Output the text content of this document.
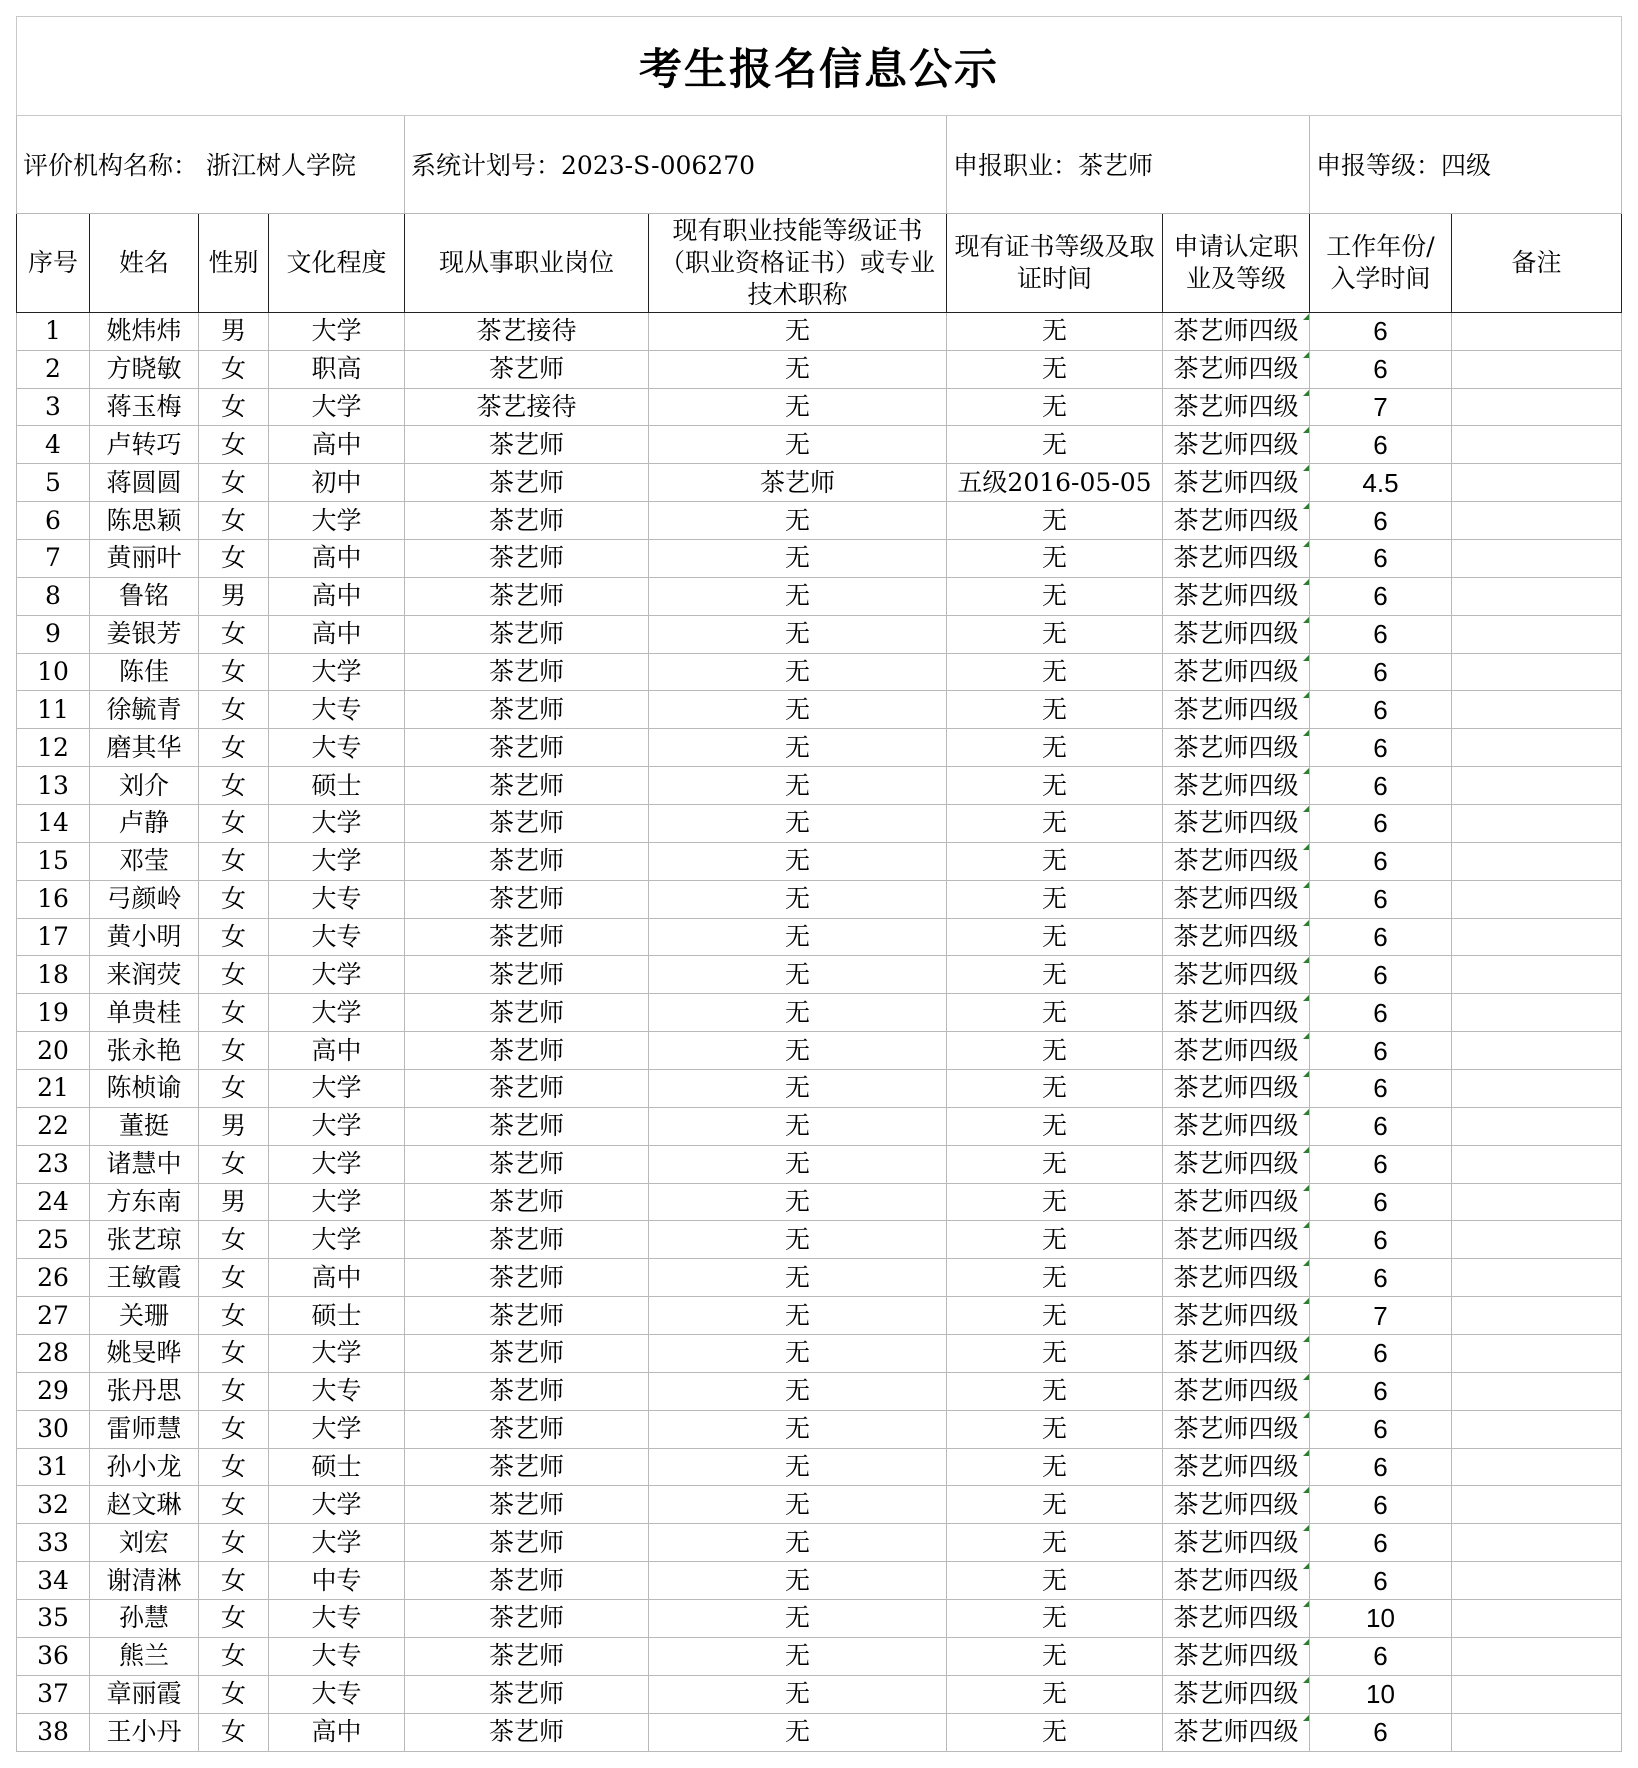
考生报名信息公示									
评价机构名称： 浙江树人学院				系统计划号：2023-S-006270		申报职业：茶艺师		申报等级：四级	
序号	姓名	性别	文化程度	现从事职业岗位	现有职业技能等级证书（职业资格证书）或专业技术职称	现有证书等级及取证时间	申请认定职业及等级	工作年份/入学时间	备注
1	姚炜炜	男	大学	茶艺接待	无	无	茶艺师四级	6	
2	方晓敏	女	职高	茶艺师	无	无	茶艺师四级	6	
3	蒋玉梅	女	大学	茶艺接待	无	无	茶艺师四级	7	
4	卢转巧	女	高中	茶艺师	无	无	茶艺师四级	6	
5	蒋圆圆	女	初中	茶艺师	茶艺师	五级2016-05-05	茶艺师四级	4.5	
6	陈思颖	女	大学	茶艺师	无	无	茶艺师四级	6	
7	黄丽叶	女	高中	茶艺师	无	无	茶艺师四级	6	
8	鲁铭	男	高中	茶艺师	无	无	茶艺师四级	6	
9	姜银芳	女	高中	茶艺师	无	无	茶艺师四级	6	
10	陈佳	女	大学	茶艺师	无	无	茶艺师四级	6	
11	徐毓青	女	大专	茶艺师	无	无	茶艺师四级	6	
12	磨其华	女	大专	茶艺师	无	无	茶艺师四级	6	
13	刘介	女	硕士	茶艺师	无	无	茶艺师四级	6	
14	卢静	女	大学	茶艺师	无	无	茶艺师四级	6	
15	邓莹	女	大学	茶艺师	无	无	茶艺师四级	6	
16	弓颜岭	女	大专	茶艺师	无	无	茶艺师四级	6	
17	黄小明	女	大专	茶艺师	无	无	茶艺师四级	6	
18	来润荧	女	大学	茶艺师	无	无	茶艺师四级	6	
19	单贵桂	女	大学	茶艺师	无	无	茶艺师四级	6	
20	张永艳	女	高中	茶艺师	无	无	茶艺师四级	6	
21	陈桢谕	女	大学	茶艺师	无	无	茶艺师四级	6	
22	董挺	男	大学	茶艺师	无	无	茶艺师四级	6	
23	诸慧中	女	大学	茶艺师	无	无	茶艺师四级	6	
24	方东南	男	大学	茶艺师	无	无	茶艺师四级	6	
25	张艺琼	女	大学	茶艺师	无	无	茶艺师四级	6	
26	王敏霞	女	高中	茶艺师	无	无	茶艺师四级	6	
27	关珊	女	硕士	茶艺师	无	无	茶艺师四级	7	
28	姚旻晔	女	大学	茶艺师	无	无	茶艺师四级	6	
29	张丹思	女	大专	茶艺师	无	无	茶艺师四级	6	
30	雷师慧	女	大学	茶艺师	无	无	茶艺师四级	6	
31	孙小龙	女	硕士	茶艺师	无	无	茶艺师四级	6	
32	赵文琳	女	大学	茶艺师	无	无	茶艺师四级	6	
33	刘宏	女	大学	茶艺师	无	无	茶艺师四级	6	
34	谢清淋	女	中专	茶艺师	无	无	茶艺师四级	6	
35	孙慧	女	大专	茶艺师	无	无	茶艺师四级	10	
36	熊兰	女	大专	茶艺师	无	无	茶艺师四级	6	
37	章丽霞	女	大专	茶艺师	无	无	茶艺师四级	10	
38	王小丹	女	高中	茶艺师	无	无	茶艺师四级	6	
